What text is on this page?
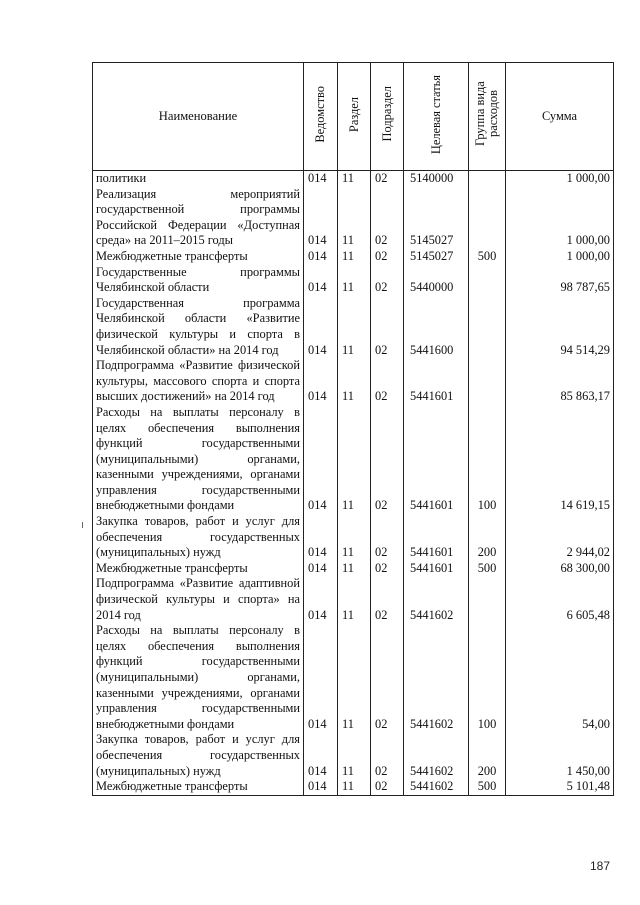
Наименование	Ведомство	Раздел	Подраздел	Целевая статья	Группа вида расходов	Сумма
политики	014	11	02	5140000		1 000,00
Реализация мероприятий государственной программы Российской Федерации «Доступная среда» на 2011–2015 годы	014	11	02	5145027		1 000,00
Межбюджетные трансферты	014	11	02	5145027	500	1 000,00
Государственные программы Челябинской области	014	11	02	5440000		98 787,65
Государственная программа Челябинской области «Развитие физической культуры и спорта в Челябинской области» на 2014 год	014	11	02	5441600		94 514,29
Подпрограмма «Развитие физической культуры, массового спорта и спорта высших достижений» на 2014 год	014	11	02	5441601		85 863,17
Расходы на выплаты персоналу в целях обеспечения выполнения функций государственными (муниципальными) органами, казенными учреждениями, органами управления государственными внебюджетными фондами	014	11	02	5441601	100	14 619,15
Закупка товаров, работ и услуг для обеспечения государственных (муниципальных) нужд	014	11	02	5441601	200	2 944,02
Межбюджетные трансферты	014	11	02	5441601	500	68 300,00
Подпрограмма «Развитие адаптивной физической культуры и спорта» на 2014 год	014	11	02	5441602		6 605,48
Расходы на выплаты персоналу в целях обеспечения выполнения функций государственными (муниципальными) органами, казенными учреждениями, органами управления государственными внебюджетными фондами	014	11	02	5441602	100	54,00
Закупка товаров, работ и услуг для обеспечения государственных (муниципальных) нужд	014	11	02	5441602	200	1 450,00
Межбюджетные трансферты	014	11	02	5441602	500	5 101,48
187
